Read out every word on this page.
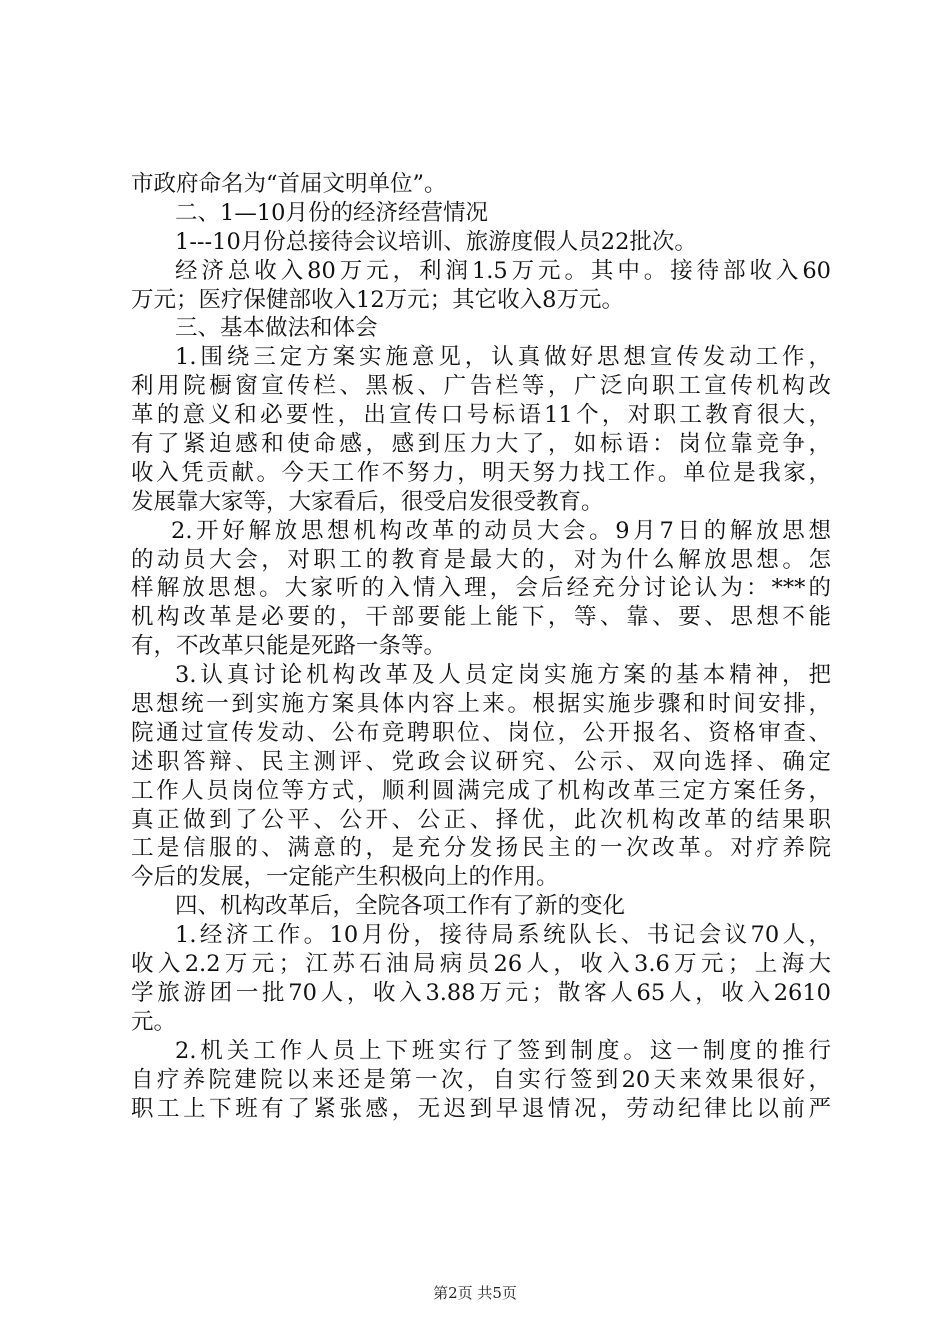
市政府命名为“首届文明单位”。
二、1—10月份的经济经营情况
1---10月份总接待会议培训、旅游度假人员22批次。
经济总收入80万元，利润1.5万元。其中。接待部收入60
万元；医疗保健部收入12万元；其它收入8万元。
三、基本做法和体会
1.围绕三定方案实施意见，认真做好思想宣传发动工作，
利用院橱窗宣传栏、黑板、广告栏等，广泛向职工宣传机构改
革的意义和必要性，出宣传口号标语11个，对职工教育很大，
有了紧迫感和使命感，感到压力大了，如标语：岗位靠竞争，
收入凭贡献。今天工作不努力，明天努力找工作。单位是我家，
发展靠大家等，大家看后，很受启发很受教育。
2.开好解放思想机构改革的动员大会。9月7日的解放思想
的动员大会，对职工的教育是最大的，对为什么解放思想。怎
样解放思想。大家听的入情入理，会后经充分讨论认为：***的
机构改革是必要的，干部要能上能下，等、靠、要、思想不能
有，不改革只能是死路一条等。
3.认真讨论机构改革及人员定岗实施方案的基本精神，把
思想统一到实施方案具体内容上来。根据实施步骤和时间安排，
院通过宣传发动、公布竞聘职位、岗位，公开报名、资格审查、
述职答辩、民主测评、党政会议研究、公示、双向选择、确定
工作人员岗位等方式，顺利圆满完成了机构改革三定方案任务，
真正做到了公平、公开、公正、择优，此次机构改革的结果职
工是信服的、满意的，是充分发扬民主的一次改革。对疗养院
今后的发展，一定能产生积极向上的作用。
四、机构改革后，全院各项工作有了新的变化
1.经济工作。10月份，接待局系统队长、书记会议70人，
收入2.2万元；江苏石油局病员26人，收入3.6万元；上海大
学旅游团一批70人，收入3.88万元；散客人65人，收入2610
元。
2.机关工作人员上下班实行了签到制度。这一制度的推行
自疗养院建院以来还是第一次，自实行签到20天来效果很好，
职工上下班有了紧张感，无迟到早退情况，劳动纪律比以前严
第2页 共5页
